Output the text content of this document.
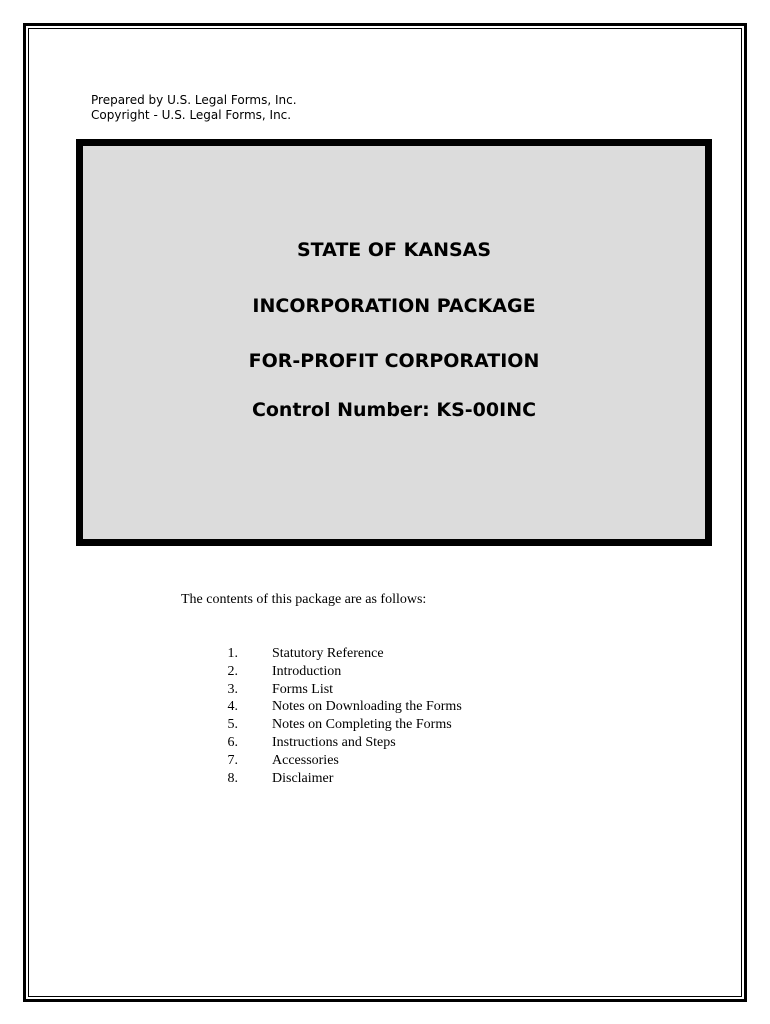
Prepared by U.S. Legal Forms, Inc.
Copyright - U.S. Legal Forms, Inc.
STATE OF KANSAS
INCORPORATION PACKAGE
FOR-PROFIT CORPORATION
Control Number: KS-00INC
The contents of this package are as follows:
1. Statutory Reference
2. Introduction
3. Forms List
4. Notes on Downloading the Forms
5. Notes on Completing the Forms
6. Instructions and Steps
7. Accessories
8. Disclaimer
